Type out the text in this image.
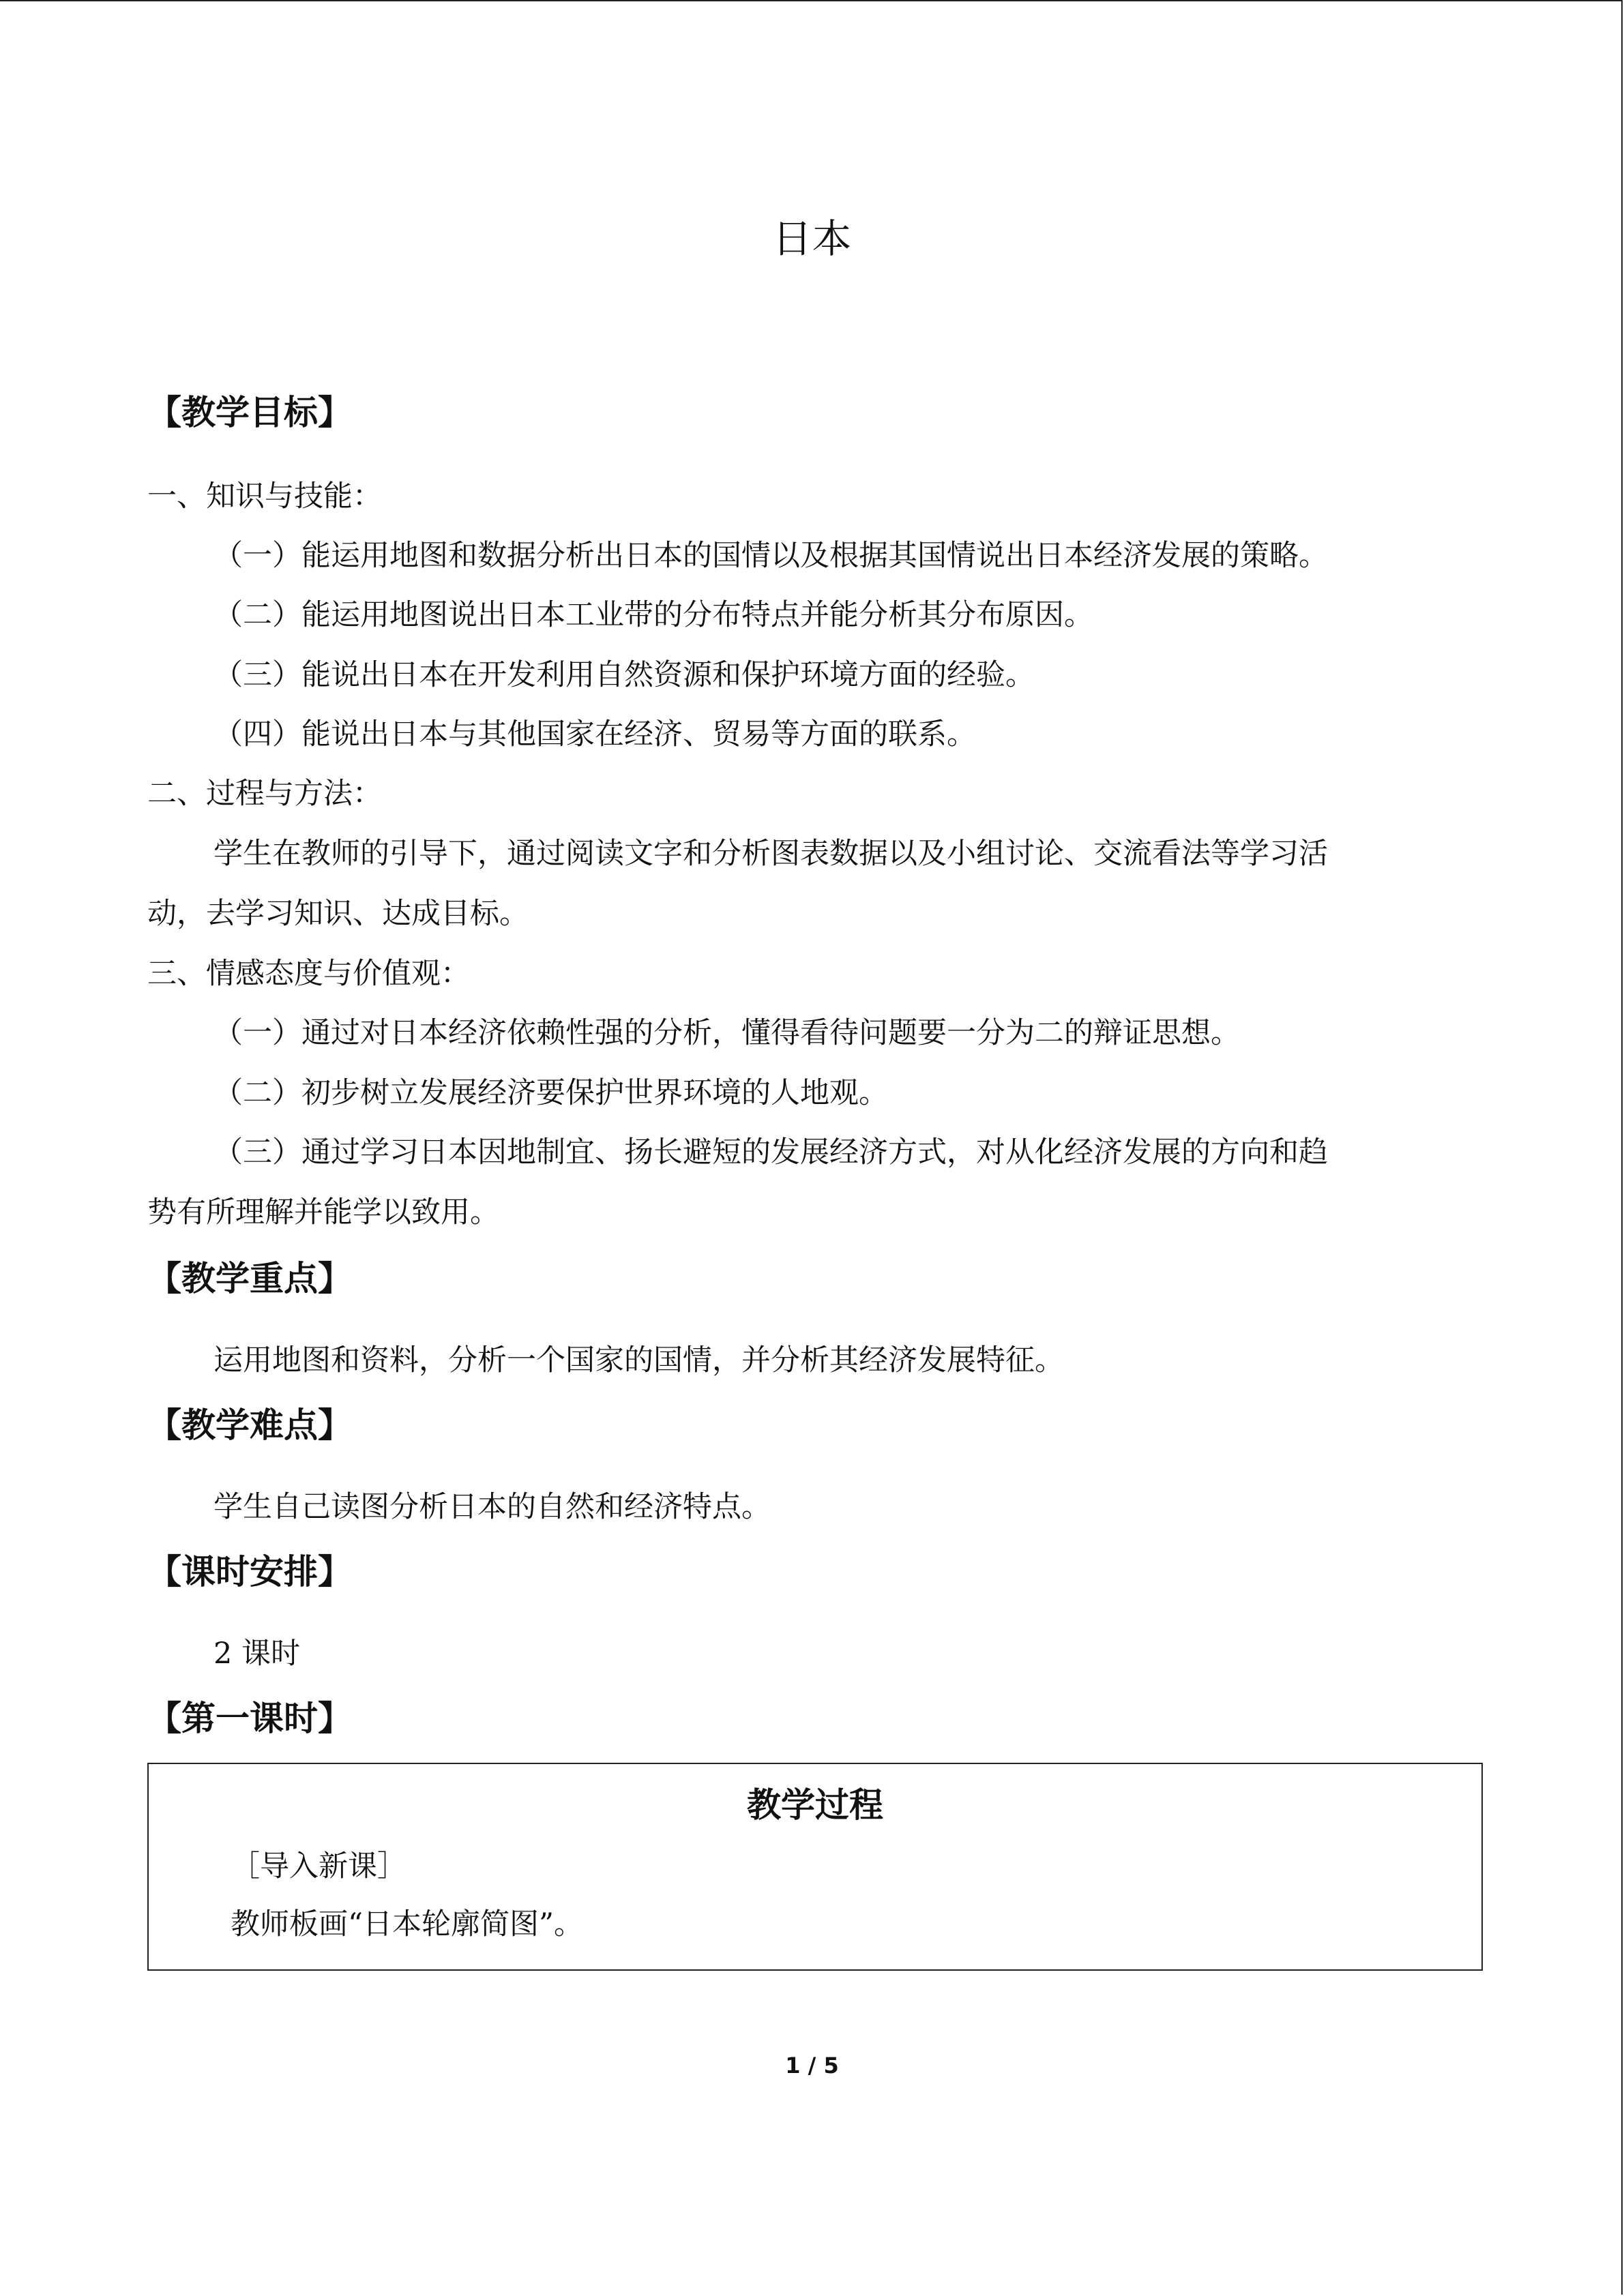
日本
【教学目标】
一、知识与技能：
（一）能运用地图和数据分析出日本的国情以及根据其国情说出日本经济发展的策略。
（二）能运用地图说出日本工业带的分布特点并能分析其分布原因。
（三）能说出日本在开发利用自然资源和保护环境方面的经验。
（四）能说出日本与其他国家在经济、贸易等方面的联系。
二、过程与方法：
学生在教师的引导下，通过阅读文字和分析图表数据以及小组讨论、交流看法等学习活
动，去学习知识、达成目标。
三、情感态度与价值观：
（一）通过对日本经济依赖性强的分析，懂得看待问题要一分为二的辩证思想。
（二）初步树立发展经济要保护世界环境的人地观。
（三）通过学习日本因地制宜、扬长避短的发展经济方式，对从化经济发展的方向和趋
势有所理解并能学以致用。
【教学重点】
运用地图和资料，分析一个国家的国情，并分析其经济发展特征。
【教学难点】
学生自己读图分析日本的自然和经济特点。
【课时安排】
2 课时
【第一课时】
教学过程
［导入新课］
教师板画“日本轮廓简图”。
1 / 5
